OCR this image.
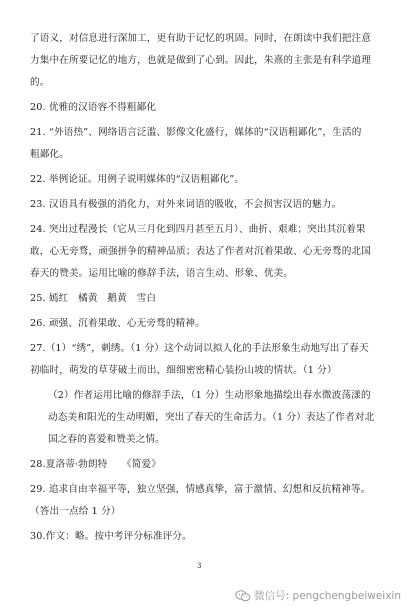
了语义，对信息进行深加工，更有助于记忆的巩固。同时，在朗读中我们把注意
力集中在所要记忆的地方，也就是做到了心到。因此，朱熹的主张是有科学道理
的。
20. 优雅的汉语容不得粗鄙化
21. “外语热”、网络语言泛滥、影像文化盛行，媒体的“汉语粗鄙化”，生活的
粗鄙化。
22. 举例论证。用例子说明媒体的“汉语粗鄙化”。
23. 汉语具有极强的消化力，对外来词语的吸收，不会损害汉语的魅力。
24. 突出过程漫长（它从三月化到四月甚至五月）、曲折、艰难；突出其沉着果
敢，心无旁骛，顽强拼争的精神品质；表达了作者对沉着果敢、心无旁骛的北国
春天的赞美。运用比喻的修辞手法，语言生动、形象、优美。
25. 嫣红　橘黄　鹅黄　雪白
26. 顽强、沉着果敢、心无旁骛的精神。
27.（1）“绣”，刺绣。（1 分）这个动词以拟人化的手法形象生动地写出了春天
初临时，萌发的草芽破土而出，细细密密精心装扮山坡的情状。（1 分）
（2）作者运用比喻的修辞手法，（1 分）生动形象地描绘出春水微波荡漾的
动态美和阳光的生动明媚，突出了春天的生命活力。（1 分）表达了作者对北
国之春的喜爱和赞美之情。
28.夏洛蒂·勃朗特　　《简爱》
29. 追求自由幸福平等，独立坚强，情感真挚，富于激情、幻想和反抗精神等。
（答出一点给 1 分）
30.作文：略。按中考评分标准评分。
3
微信号: pengchengbeiweixin
